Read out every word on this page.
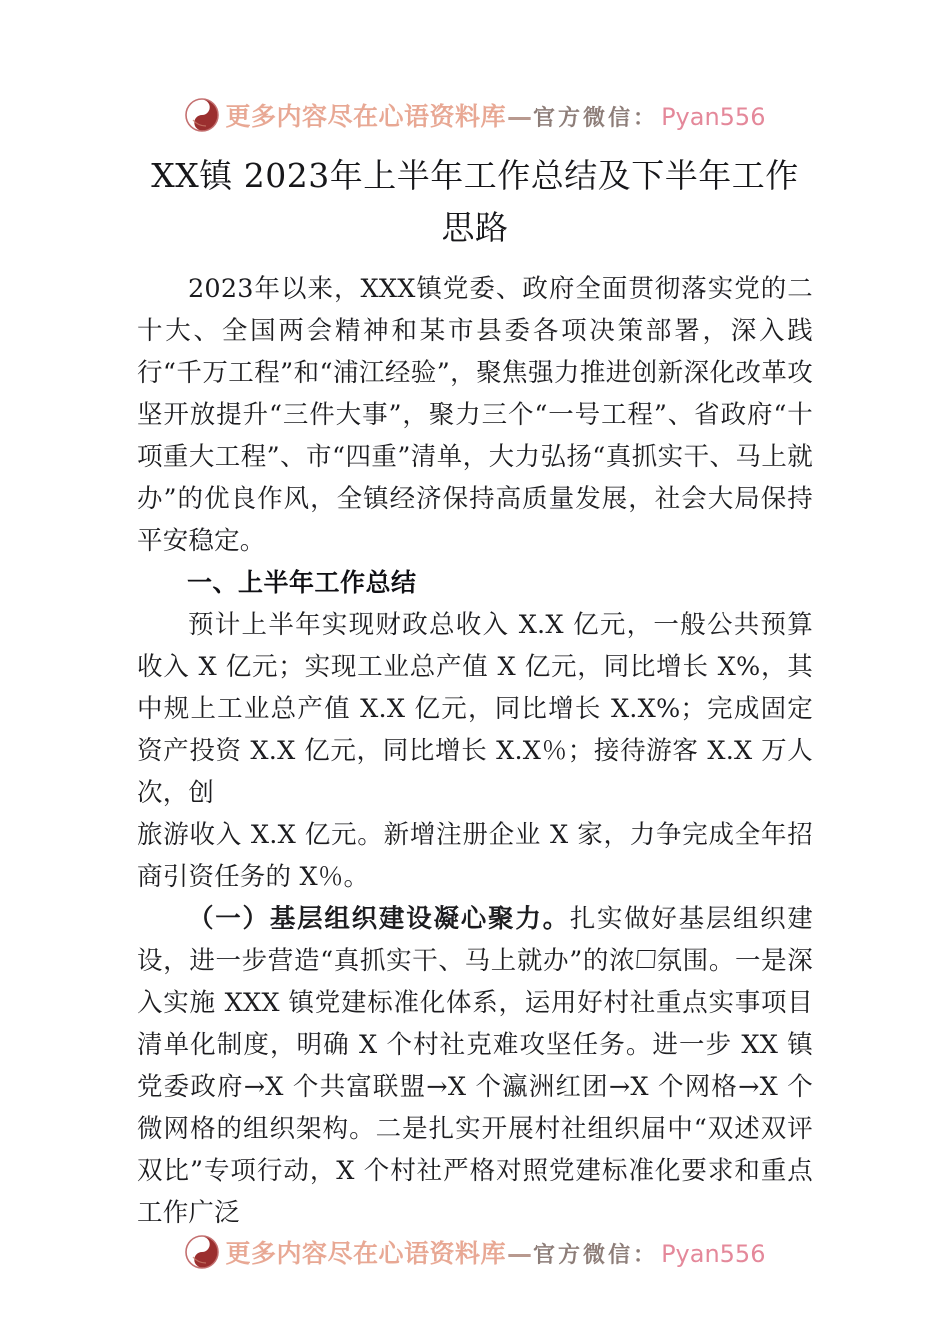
更多内容尽在心语资料库 — 官方微信： Pyan556
XX镇 2023年上半年工作总结及下半年工作思路

2023年以来，XXX镇党委、政府全面贯彻落实党的二十大、全国两会精神和某市县委各项决策部署，深入践行“千万工程”和“浦江经验”，聚焦强力推进创新深化改革攻坚开放提升“三件大事”，聚力三个“一号工程”、省政府“十项重大工程”、市“四重”清单，大力弘扬“真抓实干、马上就办”的优良作风，全镇经济保持高质量发展，社会大局保持平安稳定。

一、上半年工作总结

预计上半年实现财政总收入 X.X 亿元，一般公共预算收入 X 亿元；实现工业总产值 X 亿元，同比增长 X%，其中规上工业总产值 X.X 亿元，同比增长 X.X%；完成固定资产投资 X.X 亿元，同比增长 X.X％；接待游客 X.X 万人次，创

旅游收入 X.X 亿元。新增注册企业 X 家，力争完成全年招商引资任务的 X％。

（一）基层组织建设凝心聚力。扎实做好基层组织建设，进一步营造“真抓实干、马上就办”的浓 氛围。一是深入实施 XXX 镇党建标准化体系，运用好村社重点实事项目清单化制度，明确 X 个村社克难攻坚任务。进一步 XX 镇党委政府→X 个共富联盟→X 个瀛洲红团→X 个网格→X 个微网格的组织架构。二是扎实开展村社组织届中“双述双评双比”专项行动，X 个村社严格对照党建标准化要求和重点工作广泛

更多内容尽在心语资料库 — 官方微信： Pyan556
